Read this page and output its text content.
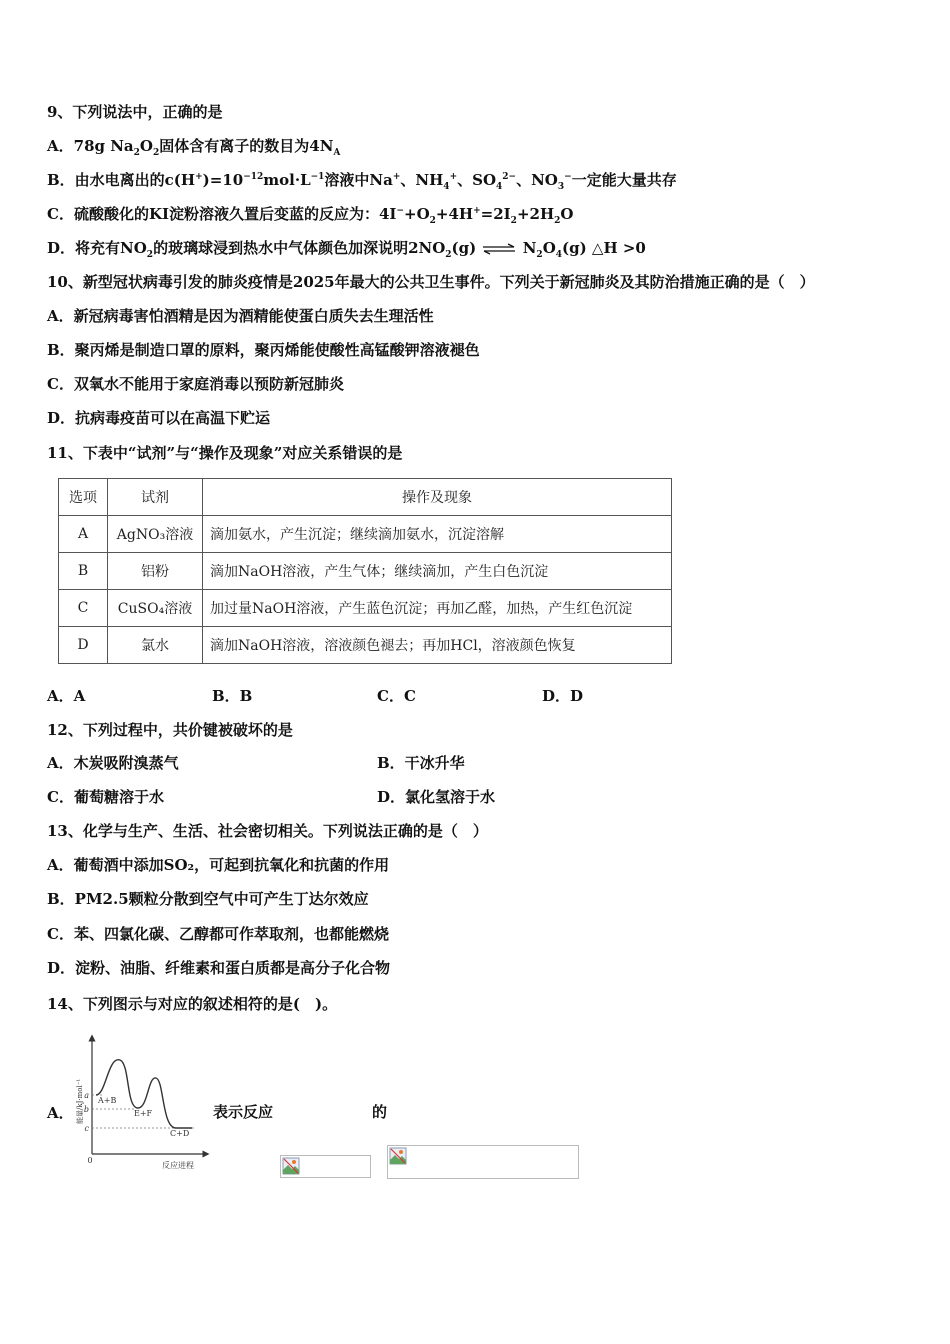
9、下列说法中，正确的是
A．78g $Na_2O_2$固体含有离子的数目为$4N_A$
B．由水电离出的$c(H^+)=10^{-12}mol\cdot L^{-1}$溶液中Na+、$NH_4^+$、$SO_4^{2-}$、$NO_3^-$一定能大量共存
C．硫酸酸化的KI淀粉溶液久置后变蓝的反应为：$4I^-+O_2+4H^+=2I_2+2H_2O$
D．将充有$NO_2$的玻璃球浸到热水中气体颜色加深说明$2NO_2(g)$ ⇌ $N_2O_4(g)$ △H >0
10、新型冠状病毒引发的肺炎疫情是2025年最大的公共卫生事件。下列关于新冠肺炎及其防治措施正确的是（　）
A．新冠病毒害怕酒精是因为酒精能使蛋白质失去生理活性
B．聚丙烯是制造口罩的原料，聚丙烯能使酸性高锰酸钾溶液褪色
C．双氧水不能用于家庭消毒以预防新冠肺炎
D．抗病毒疫苗可以在高温下贮运
11、下表中“试剂”与“操作及现象”对应关系错误的是
选项	试剂	操作及现象
A	AgNO₃溶液	滴加氨水，产生沉淀；继续滴加氨水，沉淀溶解
B	铝粉	滴加NaOH溶液，产生气体；继续滴加，产生白色沉淀
C	CuSO₄溶液	加过量NaOH溶液，产生蓝色沉淀；再加乙醛，加热，产生红色沉淀
D	氯水	滴加NaOH溶液，溶液颜色褪去；再加HCl，溶液颜色恢复
A．A	B．B	C．C	D．D
12、下列过程中，共价键被破坏的是
A．木炭吸附溴蒸气	B．干冰升华
C．葡萄糖溶于水	D．氯化氢溶于水
13、化学与生产、生活、社会密切相关。下列说法正确的是（　）
A．葡萄酒中添加SO₂，可起到抗氧化和抗菌的作用
B．PM2.5颗粒分散到空气中可产生丁达尔效应
C．苯、四氯化碳、乙醇都可作萃取剂，也都能燃烧
D．淀粉、油脂、纤维素和蛋白质都是高分子化合物
14、下列图示与对应的叙述相符的是(　)。
A．
a
b
c
0
A+B
E+F
C+D
反应进程
能量/kJ·mol⁻¹	表示反应	的
